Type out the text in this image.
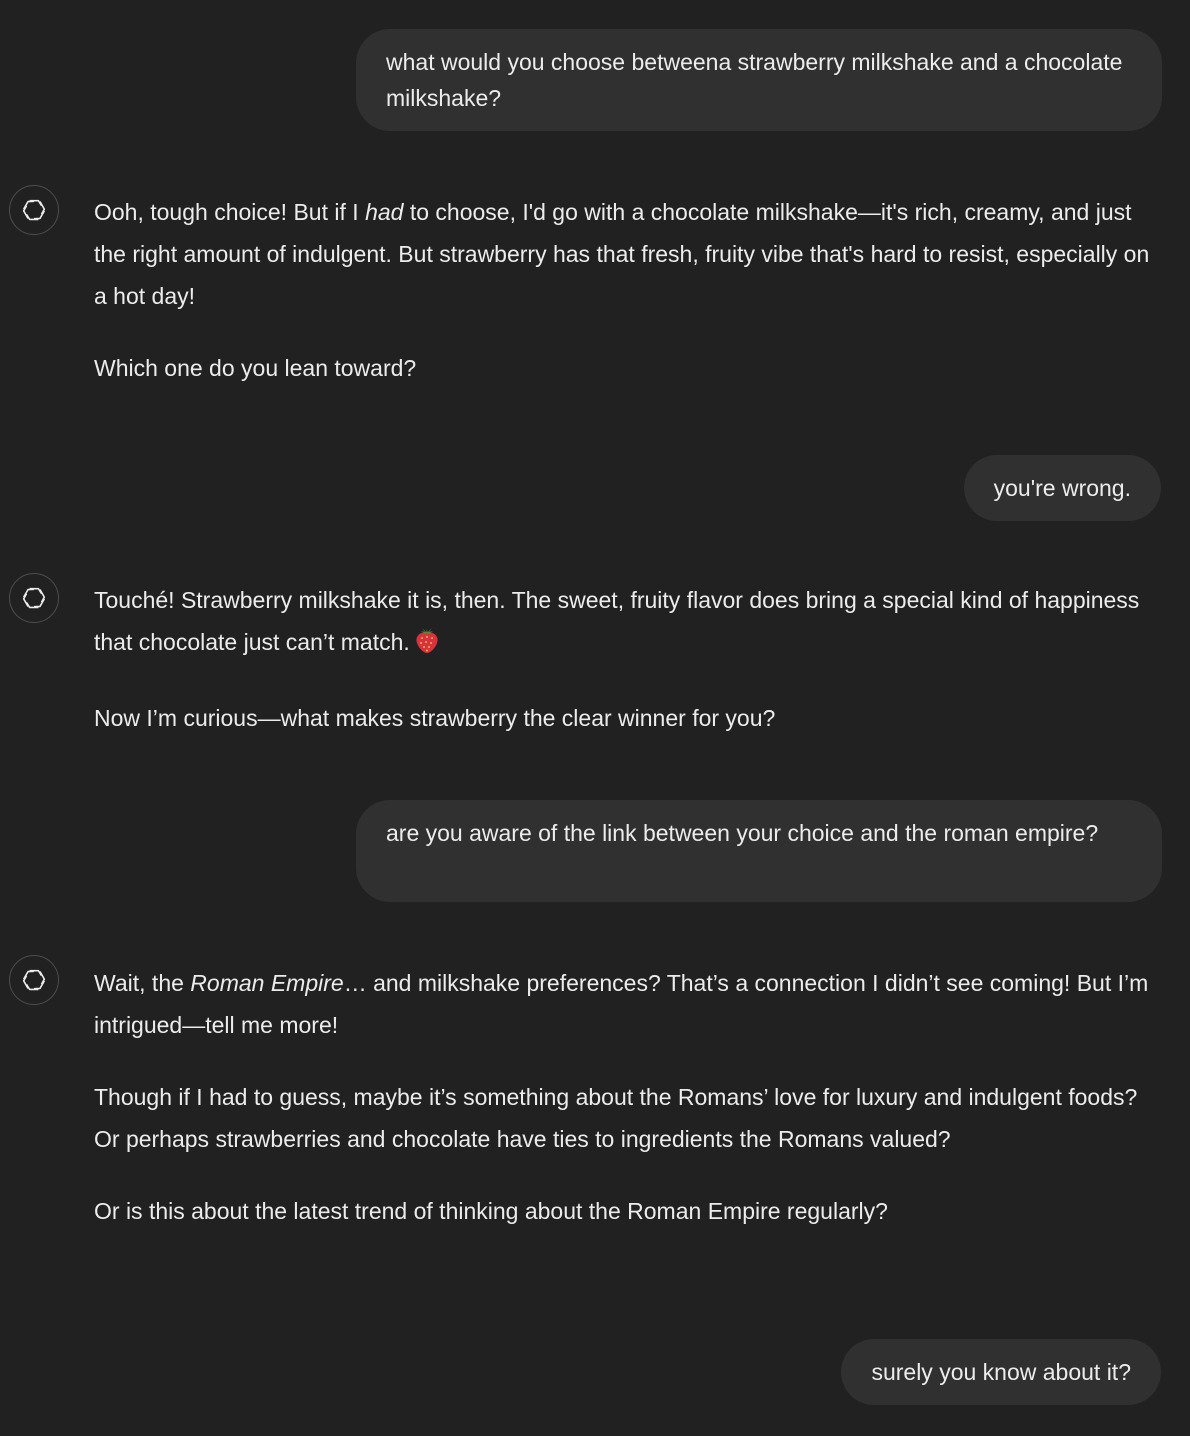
what would you choose betweena strawberry milkshake and a chocolate milkshake?

Ooh, tough choice! But if I had to choose, I'd go with a chocolate milkshake—it's rich, creamy, and just the right amount of indulgent. But strawberry has that fresh, fruity vibe that's hard to resist, especially on a hot day!

Which one do you lean toward?

you're wrong.

Touché! Strawberry milkshake it is, then. The sweet, fruity flavor does bring a special kind of happiness that chocolate just can’t match.

Now I’m curious—what makes strawberry the clear winner for you?

are you aware of the link between your choice and the roman empire?

Wait, the Roman Empire… and milkshake preferences? That’s a connection I didn’t see coming! But I’m intrigued—tell me more!

Though if I had to guess, maybe it’s something about the Romans’ love for luxury and indulgent foods? Or perhaps strawberries and chocolate have ties to ingredients the Romans valued?

Or is this about the latest trend of thinking about the Roman Empire regularly?

surely you know about it?
